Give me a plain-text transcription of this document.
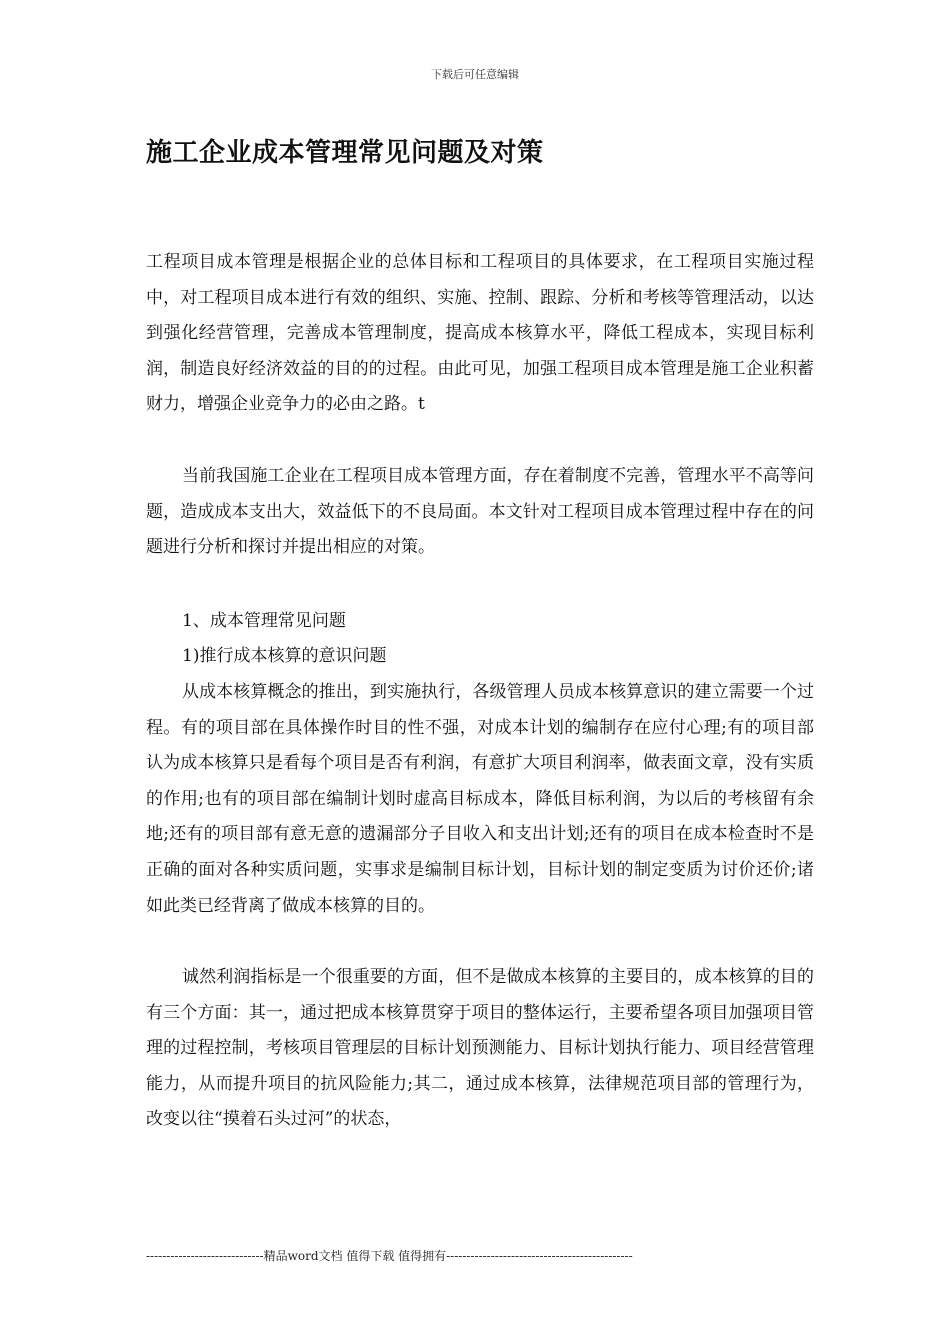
下载后可任意编辑
施工企业成本管理常见问题及对策

工程项目成本管理是根据企业的总体目标和工程项目的具体要求，在工程项目实施过程中，对工程项目成本进行有效的组织、实施、控制、跟踪、分析和考核等管理活动，以达到强化经营管理，完善成本管理制度，提高成本核算水平，降低工程成本，实现目标利润，制造良好经济效益的目的的过程。由此可见，加强工程项目成本管理是施工企业积蓄财力，增强企业竞争力的必由之路。t

当前我国施工企业在工程项目成本管理方面，存在着制度不完善，管理水平不高等问题，造成成本支出大，效益低下的不良局面。本文针对工程项目成本管理过程中存在的问题进行分析和探讨并提出相应的对策。

1、成本管理常见问题

1)推行成本核算的意识问题

从成本核算概念的推出，到实施执行，各级管理人员成本核算意识的建立需要一个过程。有的项目部在具体操作时目的性不强，对成本计划的编制存在应付心理;有的项目部认为成本核算只是看每个项目是否有利润，有意扩大项目利润率，做表面文章，没有实质的作用;也有的项目部在编制计划时虚高目标成本，降低目标利润，为以后的考核留有余地;还有的项目部有意无意的遗漏部分子目收入和支出计划;还有的项目在成本检查时不是正确的面对各种实质问题，实事求是编制目标计划，目标计划的制定变质为讨价还价;诸如此类已经背离了做成本核算的目的。

诚然利润指标是一个很重要的方面，但不是做成本核算的主要目的，成本核算的目的有三个方面：其一，通过把成本核算贯穿于项目的整体运行，主要希望各项目加强项目管理的过程控制，考核项目管理层的目标计划预测能力、目标计划执行能力、项目经营管理能力，从而提升项目的抗风险能力;其二，通过成本核算，法律规范项目部的管理行为，改变以往“摸着石头过河”的状态，

-----------------------------精品word文档 值得下载 值得拥有----------------------------------------------
